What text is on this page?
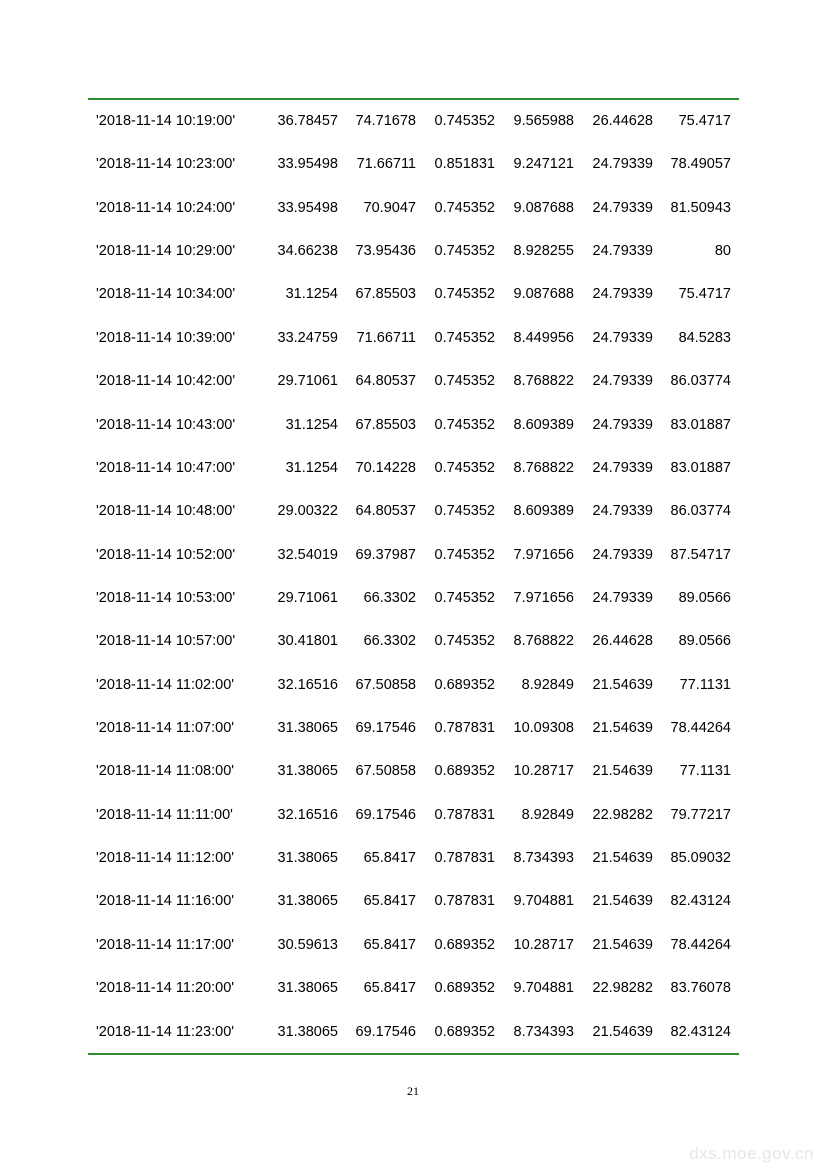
'2018-11-14 10:19:00'	36.78457 74.71678 0.745352 9.565988 26.44628 75.4717
'2018-11-14 10:23:00'	33.95498 71.66711 0.851831 9.247121 24.79339 78.49057
'2018-11-14 10:24:00'	33.95498 70.9047 0.745352 9.087688 24.79339 81.50943
'2018-11-14 10:29:00'	34.66238 73.95436 0.745352 8.928255 24.79339	80
'2018-11-14 10:34:00'	31.1254 67.85503 0.745352 9.087688 24.79339 75.4717
'2018-11-14 10:39:00'	33.24759 71.66711 0.745352 8.449956 24.79339 84.5283
'2018-11-14 10:42:00'	29.71061 64.80537 0.745352 8.768822 24.79339 86.03774
'2018-11-14 10:43:00'	31.1254 67.85503 0.745352 8.609389 24.79339 83.01887
'2018-11-14 10:47:00'	31.1254 70.14228 0.745352 8.768822 24.79339 83.01887
'2018-11-14 10:48:00'	29.00322 64.80537 0.745352 8.609389 24.79339 86.03774
'2018-11-14 10:52:00'	32.54019 69.37987 0.745352 7.971656 24.79339 87.54717
'2018-11-14 10:53:00'	29.71061 66.3302 0.745352 7.971656 24.79339 89.0566
'2018-11-14 10:57:00'	30.41801 66.3302 0.745352 8.768822 26.44628 89.0566
'2018-11-14 11:02:00'	32.16516 67.50858 0.689352 8.92849 21.54639 77.1131
'2018-11-14 11:07:00'	31.38065 69.17546 0.787831 10.09308 21.54639 78.44264
'2018-11-14 11:08:00'	31.38065 67.50858 0.689352 10.28717 21.54639 77.1131
'2018-11-14 11:11:00'	32.16516 69.17546 0.787831 8.92849 22.98282 79.77217
'2018-11-14 11:12:00'	31.38065 65.8417 0.787831 8.734393 21.54639 85.09032
'2018-11-14 11:16:00'	31.38065 65.8417 0.787831 9.704881 21.54639 82.43124
'2018-11-14 11:17:00'	30.59613 65.8417 0.689352 10.28717 21.54639 78.44264
'2018-11-14 11:20:00'	31.38065 65.8417 0.689352 9.704881 22.98282 83.76078
'2018-11-14 11:23:00'	31.38065 69.17546 0.689352 8.734393 21.54639 82.43124
21
dxs.moe.gov.cn
